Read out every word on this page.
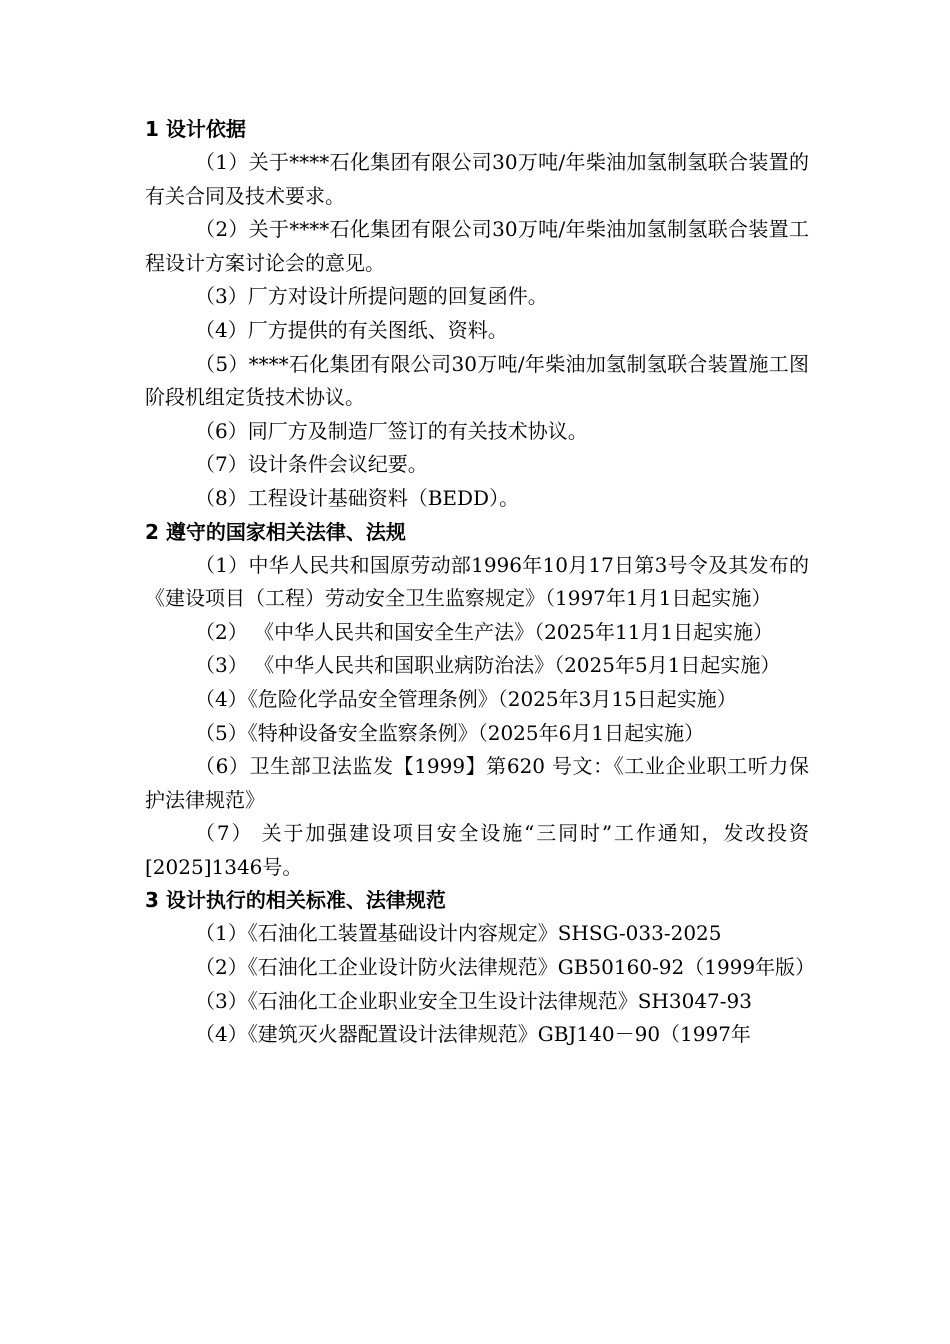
1 设计依据
（1）关于****石化集团有限公司30万吨/年柴油加氢制氢联合装置的有关合同及技术要求。
（2）关于****石化集团有限公司30万吨/年柴油加氢制氢联合装置工程设计方案讨论会的意见。
（3）厂方对设计所提问题的回复函件。
（4）厂方提供的有关图纸、资料。
（5）****石化集团有限公司30万吨/年柴油加氢制氢联合装置施工图阶段机组定货技术协议。
（6）同厂方及制造厂签订的有关技术协议。
（7）设计条件会议纪要。
（8）工程设计基础资料（BEDD）。
2 遵守的国家相关法律、法规
（1）中华人民共和国原劳动部1996年10月17日第3号令及其发布的《建设项目（工程）劳动安全卫生监察规定》（1997年1月1日起实施）
（2） 《中华人民共和国安全生产法》（2025年11月1日起实施）
（3） 《中华人民共和国职业病防治法》（2025年5月1日起实施）
（4）《危险化学品安全管理条例》（2025年3月15日起实施）
（5）《特种设备安全监察条例》（2025年6月1日起实施）
（6）卫生部卫法监发【1999】第620 号文：《工业企业职工听力保护法律规范》
（7） 关于加强建设项目安全设施“三同时”工作通知，发改投资[2025]1346号。
3 设计执行的相关标准、法律规范
（1）《石油化工装置基础设计内容规定》SHSG-033-2025
（2）《石油化工企业设计防火法律规范》GB50160-92（1999年版）
（3）《石油化工企业职业安全卫生设计法律规范》SH3047-93
（4）《建筑灭火器配置设计法律规范》GBJ140－90（1997年
